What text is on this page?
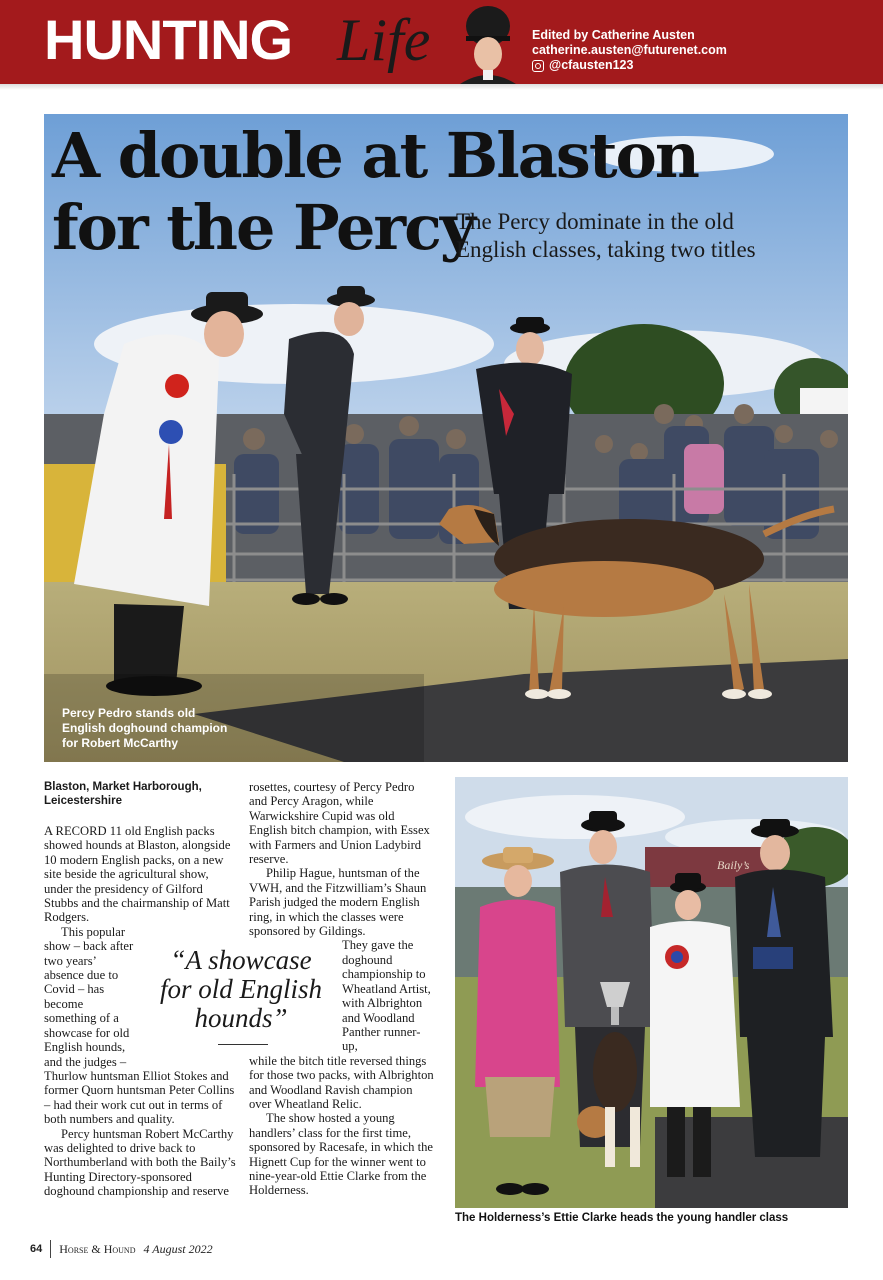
HUNTING Life	Edited by Catherine Austen
catherine.austen@futurenet.com
@cfausten123
A double at Blaston
for the Percy
The Percy dominate in the old
English classes, taking two titles
Percy Pedro stands old
English doghound champion
for Robert McCarthy

Blaston, Market Harborough,
Leicestershire

A RECORD 11 old English packs showed hounds at Blaston, alongside 10 modern English packs, on a new site beside the agricultural show, under the presidency of Gilford Stubbs and the chairmanship of Matt Rodgers.

This popular show – back after two years’ absence due to Covid – has become something of a showcase for old English hounds, and the judges –

Thurlow huntsman Elliot Stokes and former Quorn huntsman Peter Collins – had their work cut out in terms of both numbers and quality.

Percy huntsman Robert McCarthy was delighted to drive back to Northumberland with both the Baily’s Hunting Directory-sponsored doghound championship and reserve

“A showcase
for old English
hounds”

rosettes, courtesy of Percy Pedro and Percy Aragon, while Warwickshire Cupid was old English bitch champion, with Essex with Farmers and Union Ladybird reserve.

Philip Hague, huntsman of the VWH, and the Fitzwilliam’s Shaun Parish judged the modern English ring, in which the classes were sponsored by Gildings.

They gave the doghound championship to Wheatland Artist, with Albrighton and Woodland Panther runner-up,

while the bitch title reversed things for those two packs, with Albrighton and Woodland Ravish champion over Wheatland Relic.

The show hosted a young handlers’ class for the first time, sponsored by Racesafe, in which the Hignett Cup for the winner went to nine-year-old Ettie Clarke from the Holderness.

Baily’s
The Holderness’s Ettie Clarke heads the young handler class
64 Horse & Hound 4 August 2022
